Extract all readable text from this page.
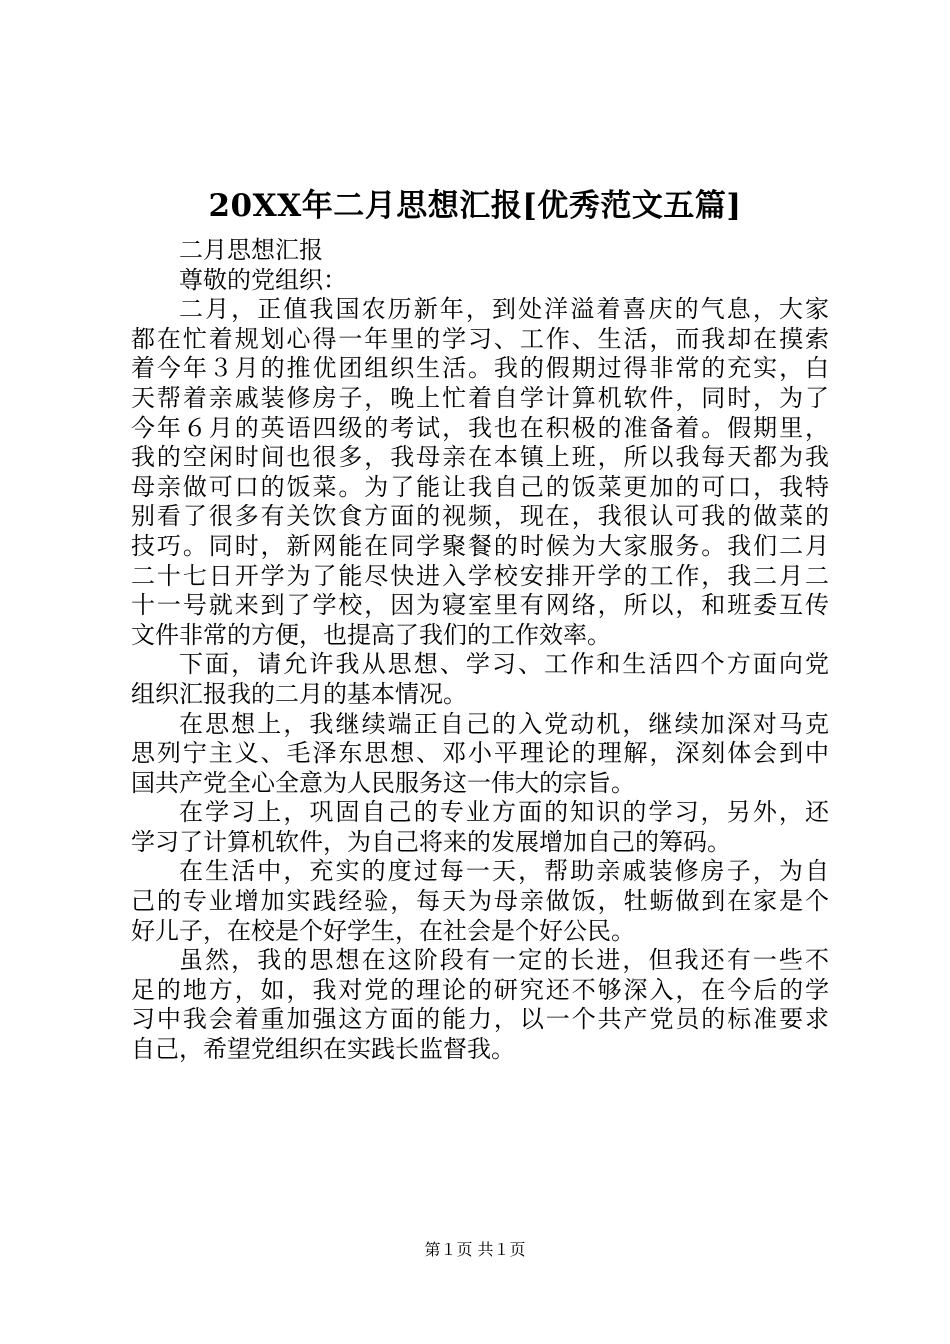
20XX年二月思想汇报[优秀范文五篇]
二月思想汇报
尊敬的党组织：
二月，正值我国农历新年，到处洋溢着喜庆的气息，大家
都在忙着规划心得一年里的学习、工作、生活，而我却在摸索
着今年３月的推优团组织生活。我的假期过得非常的充实，白
天帮着亲戚装修房子，晚上忙着自学计算机软件，同时，为了
今年６月的英语四级的考试，我也在积极的准备着。假期里，
我的空闲时间也很多，我母亲在本镇上班，所以我每天都为我
母亲做可口的饭菜。为了能让我自己的饭菜更加的可口，我特
别看了很多有关饮食方面的视频，现在，我很认可我的做菜的
技巧。同时，新网能在同学聚餐的时候为大家服务。我们二月
二十七日开学为了能尽快进入学校安排开学的工作，我二月二
十一号就来到了学校，因为寝室里有网络，所以，和班委互传
文件非常的方便，也提高了我们的工作效率。
下面，请允许我从思想、学习、工作和生活四个方面向党
组织汇报我的二月的基本情况。
在思想上，我继续端正自己的入党动机，继续加深对马克
思列宁主义、毛泽东思想、邓小平理论的理解，深刻体会到中
国共产党全心全意为人民服务这一伟大的宗旨。
在学习上，巩固自己的专业方面的知识的学习，另外，还
学习了计算机软件，为自己将来的发展增加自己的筹码。
在生活中，充实的度过每一天，帮助亲戚装修房子，为自
己的专业增加实践经验，每天为母亲做饭，牡蛎做到在家是个
好儿子，在校是个好学生，在社会是个好公民。
虽然，我的思想在这阶段有一定的长进，但我还有一些不
足的地方，如，我对党的理论的研究还不够深入，在今后的学
习中我会着重加强这方面的能力，以一个共产党员的标准要求
自己，希望党组织在实践长监督我。
第１页 共１页
